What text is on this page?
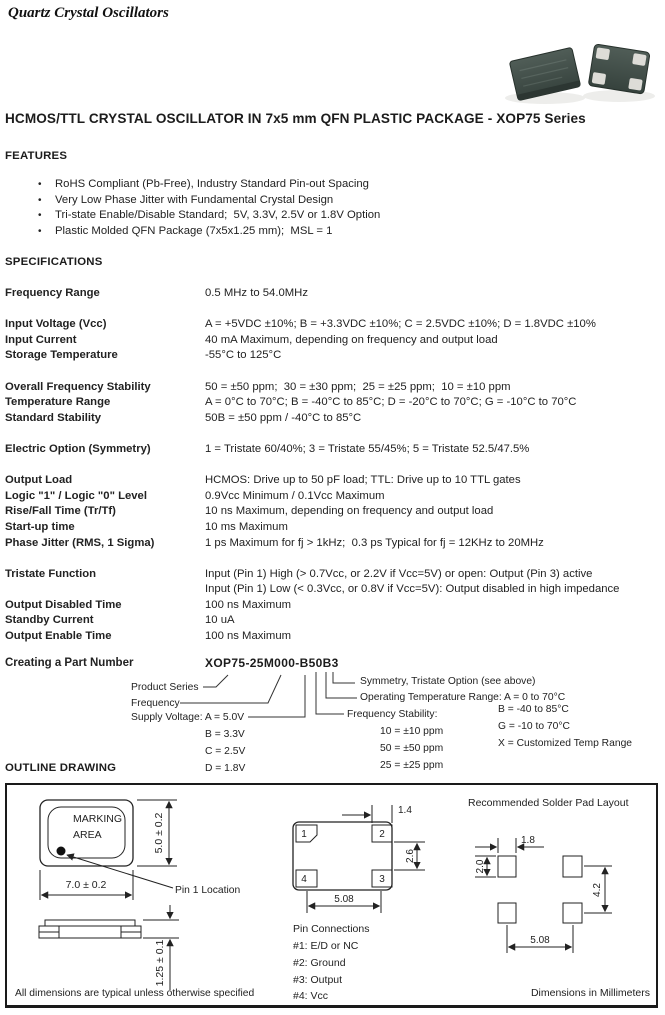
Quartz Crystal Oscillators
HCMOS/TTL CRYSTAL OSCILLATOR IN 7x5 mm QFN PLASTIC PACKAGE - XOP75 Series
FEATURES
• RoHS Compliant (Pb-Free), Industry Standard Pin-out Spacing
• Very Low Phase Jitter with Fundamental Crystal Design
• Tri-state Enable/Disable Standard;  5V, 3.3V, 2.5V or 1.8V Option
• Plastic Molded QFN Package (7x5x1.25 mm);  MSL = 1
SPECIFICATIONS
Frequency Range	0.5 MHz to 54.0MHz
Input Voltage (Vcc)	A = +5VDC ±10%; B = +3.3VDC ±10%; C = 2.5VDC ±10%; D = 1.8VDC ±10%
Input Current	40 mA Maximum, depending on frequency and output load
Storage Temperature	-55°C to 125°C
Overall Frequency Stability	50 = ±50 ppm;  30 = ±30 ppm;  25 = ±25 ppm;  10 = ±10 ppm
Temperature Range	A = 0°C to 70°C; B = -40°C to 85°C; D = -20°C to 70°C; G = -10°C to 70°C
Standard Stability	50B = ±50 ppm / -40°C to 85°C
Electric Option (Symmetry)	1 = Tristate 60/40%; 3 = Tristate 55/45%; 5 = Tristate 52.5/47.5%
Output Load	HCMOS: Drive up to 50 pF load; TTL: Drive up to 10 TTL gates
Logic "1" / Logic "0" Level	0.9Vcc Minimum / 0.1Vcc Maximum
Rise/Fall Time (Tr/Tf)	10 ns Maximum, depending on frequency and output load
Start-up time	10 ms Maximum
Phase Jitter (RMS, 1 Sigma)	1 ps Maximum for fj > 1kHz;  0.3 ps Typical for fj = 12KHz to 20MHz
Tristate Function	Input (Pin 1) High (> 0.7Vcc, or 2.2V if Vcc=5V) or open: Output (Pin 3) active
Input (Pin 1) Low (< 0.3Vcc, or 0.8V if Vcc=5V): Output disabled in high impedance
Output Disabled Time	100 ns Maximum
Standby Current	10 uA
Output Enable Time	100 ns Maximum
Creating a Part Number	XOP75-25M000-B50B3
Product Series
Frequency
Supply Voltage: A = 5.0V
B = 3.3V
C = 2.5V
D = 1.8V
Symmetry, Tristate Option (see above)
Operating Temperature Range: A = 0 to 70°C
Frequency Stability:
10 = ±10 ppm
50 = ±50 ppm
25 = ±25 ppm
B = -40 to 85°C
G = -10 to 70°C
X = Customized Temp Range
OUTLINE DRAWING
MARKING
AREA
Pin 1 Location
7.0 ± 0.2
5.0 ± 0.2
1.25 ± 0.1
All dimensions are typical unless otherwise specified
1	2
3
4
1.4
2.6
5.08
Pin Connections
#1: E/D or NC
#2: Ground
#3: Output
#4: Vcc
Recommended Solder Pad Layout
1.8
2.0
4.2
5.08
Dimensions in Millimeters
